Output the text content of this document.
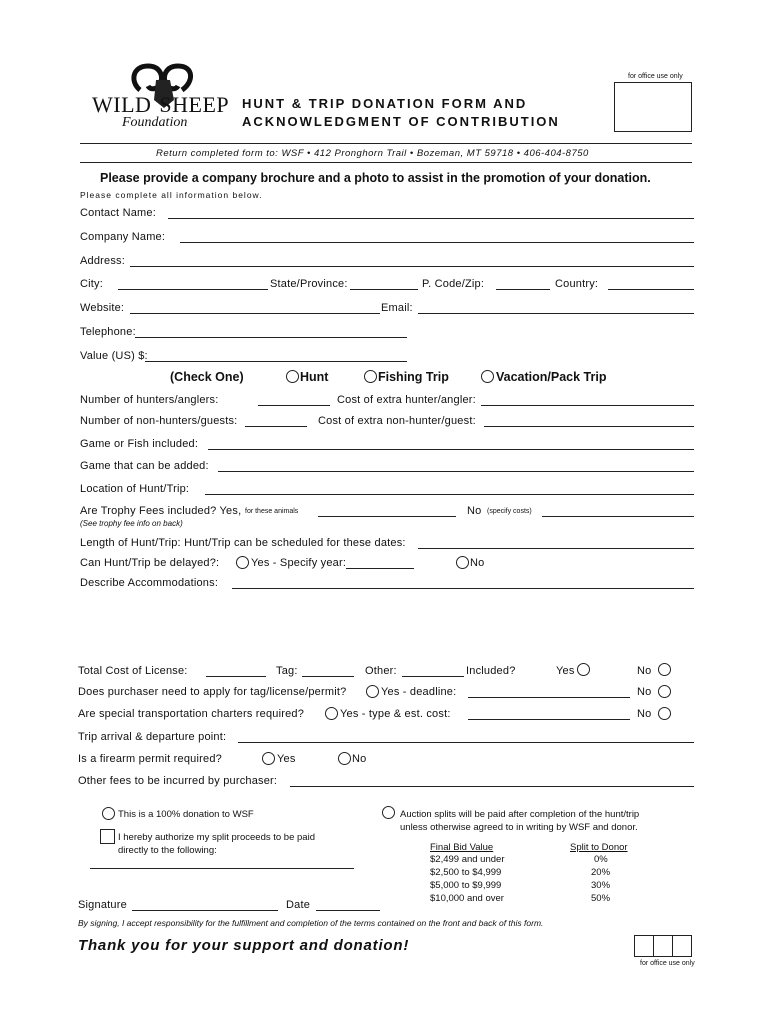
WILD SHEEP
Foundation
HUNT & TRIP DONATION FORM AND
ACKNOWLEDGMENT OF CONTRIBUTION
for office use only
Return completed form to: WSF • 412 Pronghorn Trail • Bozeman, MT 59718 • 406-404-8750
Please provide a company brochure and a photo to assist in the promotion of your donation.
Please complete all information below.
Contact Name:
Company Name:
Address:
City:	State/Province:	P. Code/Zip:	Country:
Website:	Email:
Telephone:
Value (US) $:
(Check One)	Hunt	Fishing Trip	Vacation/Pack Trip
Number of hunters/anglers:	Cost of extra hunter/angler:
Number of non-hunters/guests:	Cost of extra non-hunter/guest:
Game or Fish included:
Game that can be added:
Location of Hunt/Trip:
Are Trophy Fees included? Yes, for these animals	No (specify costs)
(See trophy fee info on back)
Length of Hunt/Trip: Hunt/Trip can be scheduled for these dates:
Can Hunt/Trip be delayed?:	Yes - Specify year:	No
Describe Accommodations:
Total Cost of License:	Tag:	Other:	Included?	Yes	No
Does purchaser need to apply for tag/license/permit?	Yes - deadline:	No
Are special transportation charters required?	Yes - type & est. cost:	No
Trip arrival & departure point:
Is a firearm permit required?	Yes	No
Other fees to be incurred by purchaser:
This is a 100% donation to WSF
I hereby authorize my split proceeds to be paid
directly to the following:
Auction splits will be paid after completion of the hunt/trip
unless otherwise agreed to in writing by WSF and donor.
Final Bid Value	Split to Donor
$2,499 and under	0%
$2,500 to $4,999	20%
$5,000 to $9,999	30%
$10,000 and over	50%
Signature	Date
By signing, I accept responsibility for the fulfillment and completion of the terms contained on the front and back of this form.
Thank you for your support and donation!
for office use only
